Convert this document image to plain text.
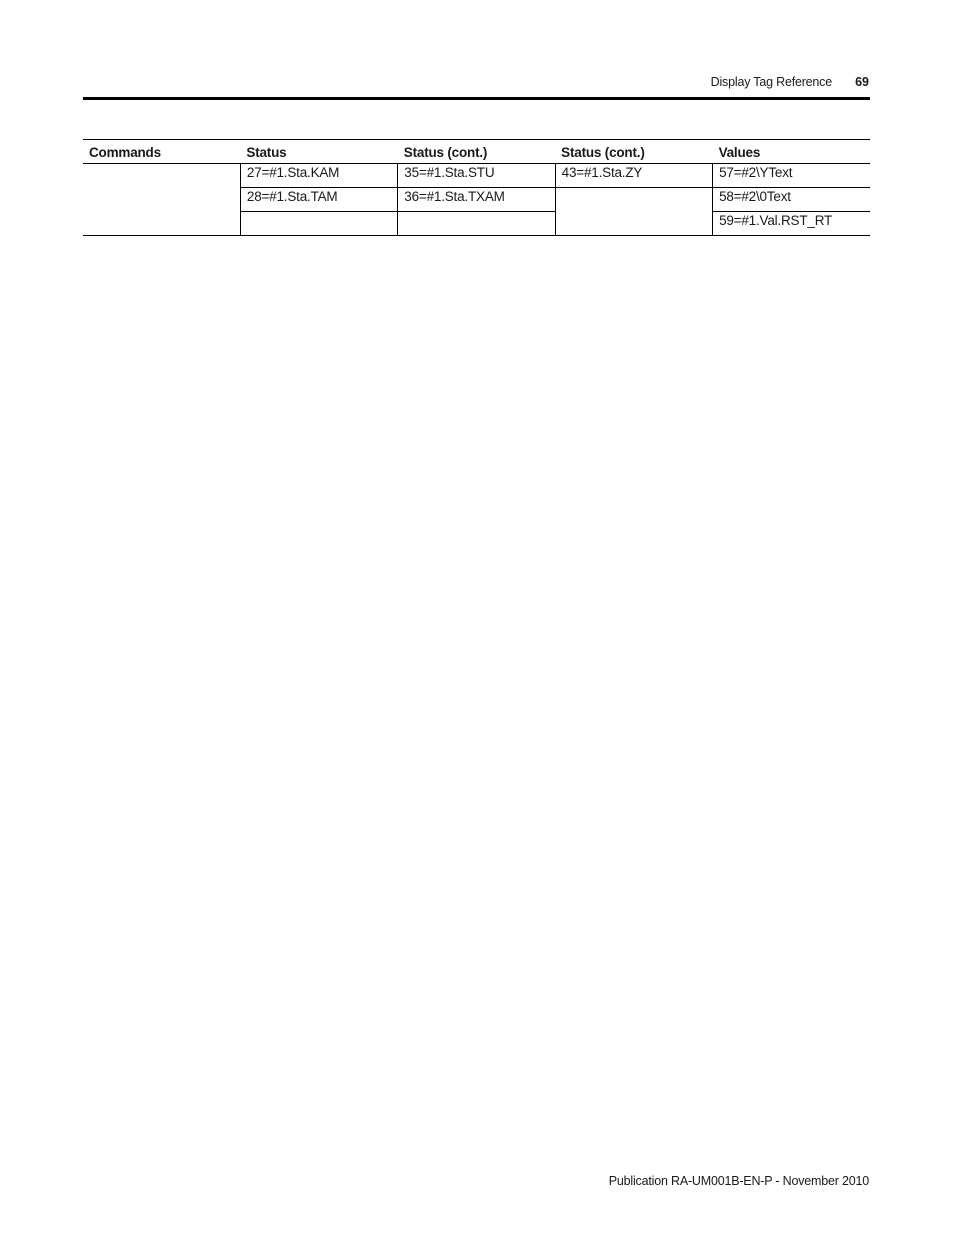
Display Tag Reference 69
Commands	Status	Status (cont.)	Status (cont.)	Values
	27=#1.Sta.KAM	35=#1.Sta.STU	43=#1.Sta.ZY	57=#2\YText
	28=#1.Sta.TAM	36=#1.Sta.TXAM		58=#2\0Text
				59=#1.Val.RST_RT
Publication RA-UM001B-EN-P - November 2010
